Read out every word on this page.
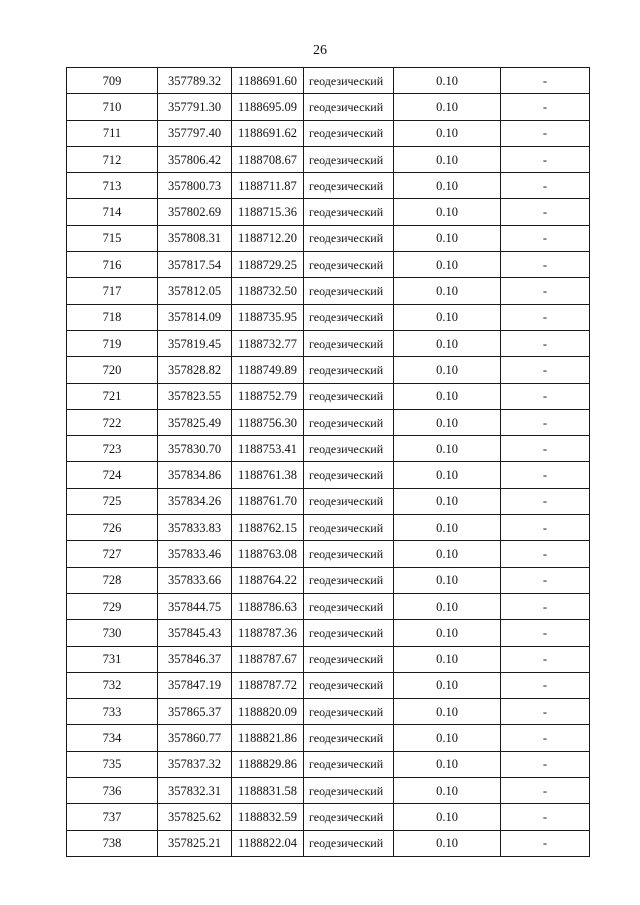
26
709	357789.32	1188691.60	геодезический	0.10	-
710	357791.30	1188695.09	геодезический	0.10	-
711	357797.40	1188691.62	геодезический	0.10	-
712	357806.42	1188708.67	геодезический	0.10	-
713	357800.73	1188711.87	геодезический	0.10	-
714	357802.69	1188715.36	геодезический	0.10	-
715	357808.31	1188712.20	геодезический	0.10	-
716	357817.54	1188729.25	геодезический	0.10	-
717	357812.05	1188732.50	геодезический	0.10	-
718	357814.09	1188735.95	геодезический	0.10	-
719	357819.45	1188732.77	геодезический	0.10	-
720	357828.82	1188749.89	геодезический	0.10	-
721	357823.55	1188752.79	геодезический	0.10	-
722	357825.49	1188756.30	геодезический	0.10	-
723	357830.70	1188753.41	геодезический	0.10	-
724	357834.86	1188761.38	геодезический	0.10	-
725	357834.26	1188761.70	геодезический	0.10	-
726	357833.83	1188762.15	геодезический	0.10	-
727	357833.46	1188763.08	геодезический	0.10	-
728	357833.66	1188764.22	геодезический	0.10	-
729	357844.75	1188786.63	геодезический	0.10	-
730	357845.43	1188787.36	геодезический	0.10	-
731	357846.37	1188787.67	геодезический	0.10	-
732	357847.19	1188787.72	геодезический	0.10	-
733	357865.37	1188820.09	геодезический	0.10	-
734	357860.77	1188821.86	геодезический	0.10	-
735	357837.32	1188829.86	геодезический	0.10	-
736	357832.31	1188831.58	геодезический	0.10	-
737	357825.62	1188832.59	геодезический	0.10	-
738	357825.21	1188822.04	геодезический	0.10	-
